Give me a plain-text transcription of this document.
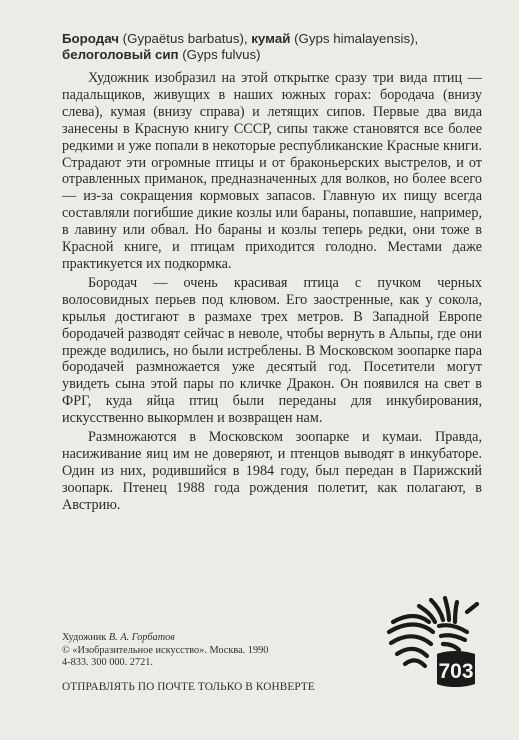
Бородач (Gypaëtus barbatus), кумай (Gyps himalayensis),
белоголовый сип (Gyps fulvus)

Художник изобразил на этой открытке сразу три вида птиц — падальщиков, живущих в наших южных горах: бородача (внизу слева), кумая (внизу справа) и летящих сипов. Первые два вида занесены в Красную книгу СССР, сипы также становятся все более редкими и уже попали в некоторые республиканские Красные книги. Страдают эти огромные птицы и от браконьерских выстрелов, и от отравленных приманок, предназначенных для волков, но более всего — из-за сокращения кормовых запасов. Главную их пищу всегда составляли погибшие дикие козлы или бараны, попавшие, например, в лавину или обвал. Но бараны и козлы теперь редки, они тоже в Красной книге, и птицам приходится голодно. Местами даже практикуется их подкормка.

Бородач — очень красивая птица с пучком черных волосовидных перьев под клювом. Его заостренные, как у сокола, крылья достигают в размахе трех метров. В Западной Европе бородачей разводят сейчас в неволе, чтобы вернуть в Альпы, где они прежде водились, но были истреблены. В Московском зоопарке пара бородачей размножается уже десятый год. Посетители могут увидеть сына этой пары по кличке Дракон. Он появился на свет в ФРГ, куда яйца птиц были переданы для инкубирования, искусственно выкормлен и возвращен нам.

Размножаются в Московском зоопарке и кумаи. Правда, насиживание яиц им не доверяют, и птенцов выводят в инкубаторе. Один из них, родившийся в 1984 году, был передан в Парижский зоопарк. Птенец 1988 года рождения полетит, как полагают, в Австрию.

Художник В. А. Горбатов
© «Изобразительное искусство». Москва. 1990
4-833. 300 000. 2721.
ОТПРАВЛЯТЬ ПО ПОЧТЕ ТОЛЬКО В КОНВЕРТЕ
703
